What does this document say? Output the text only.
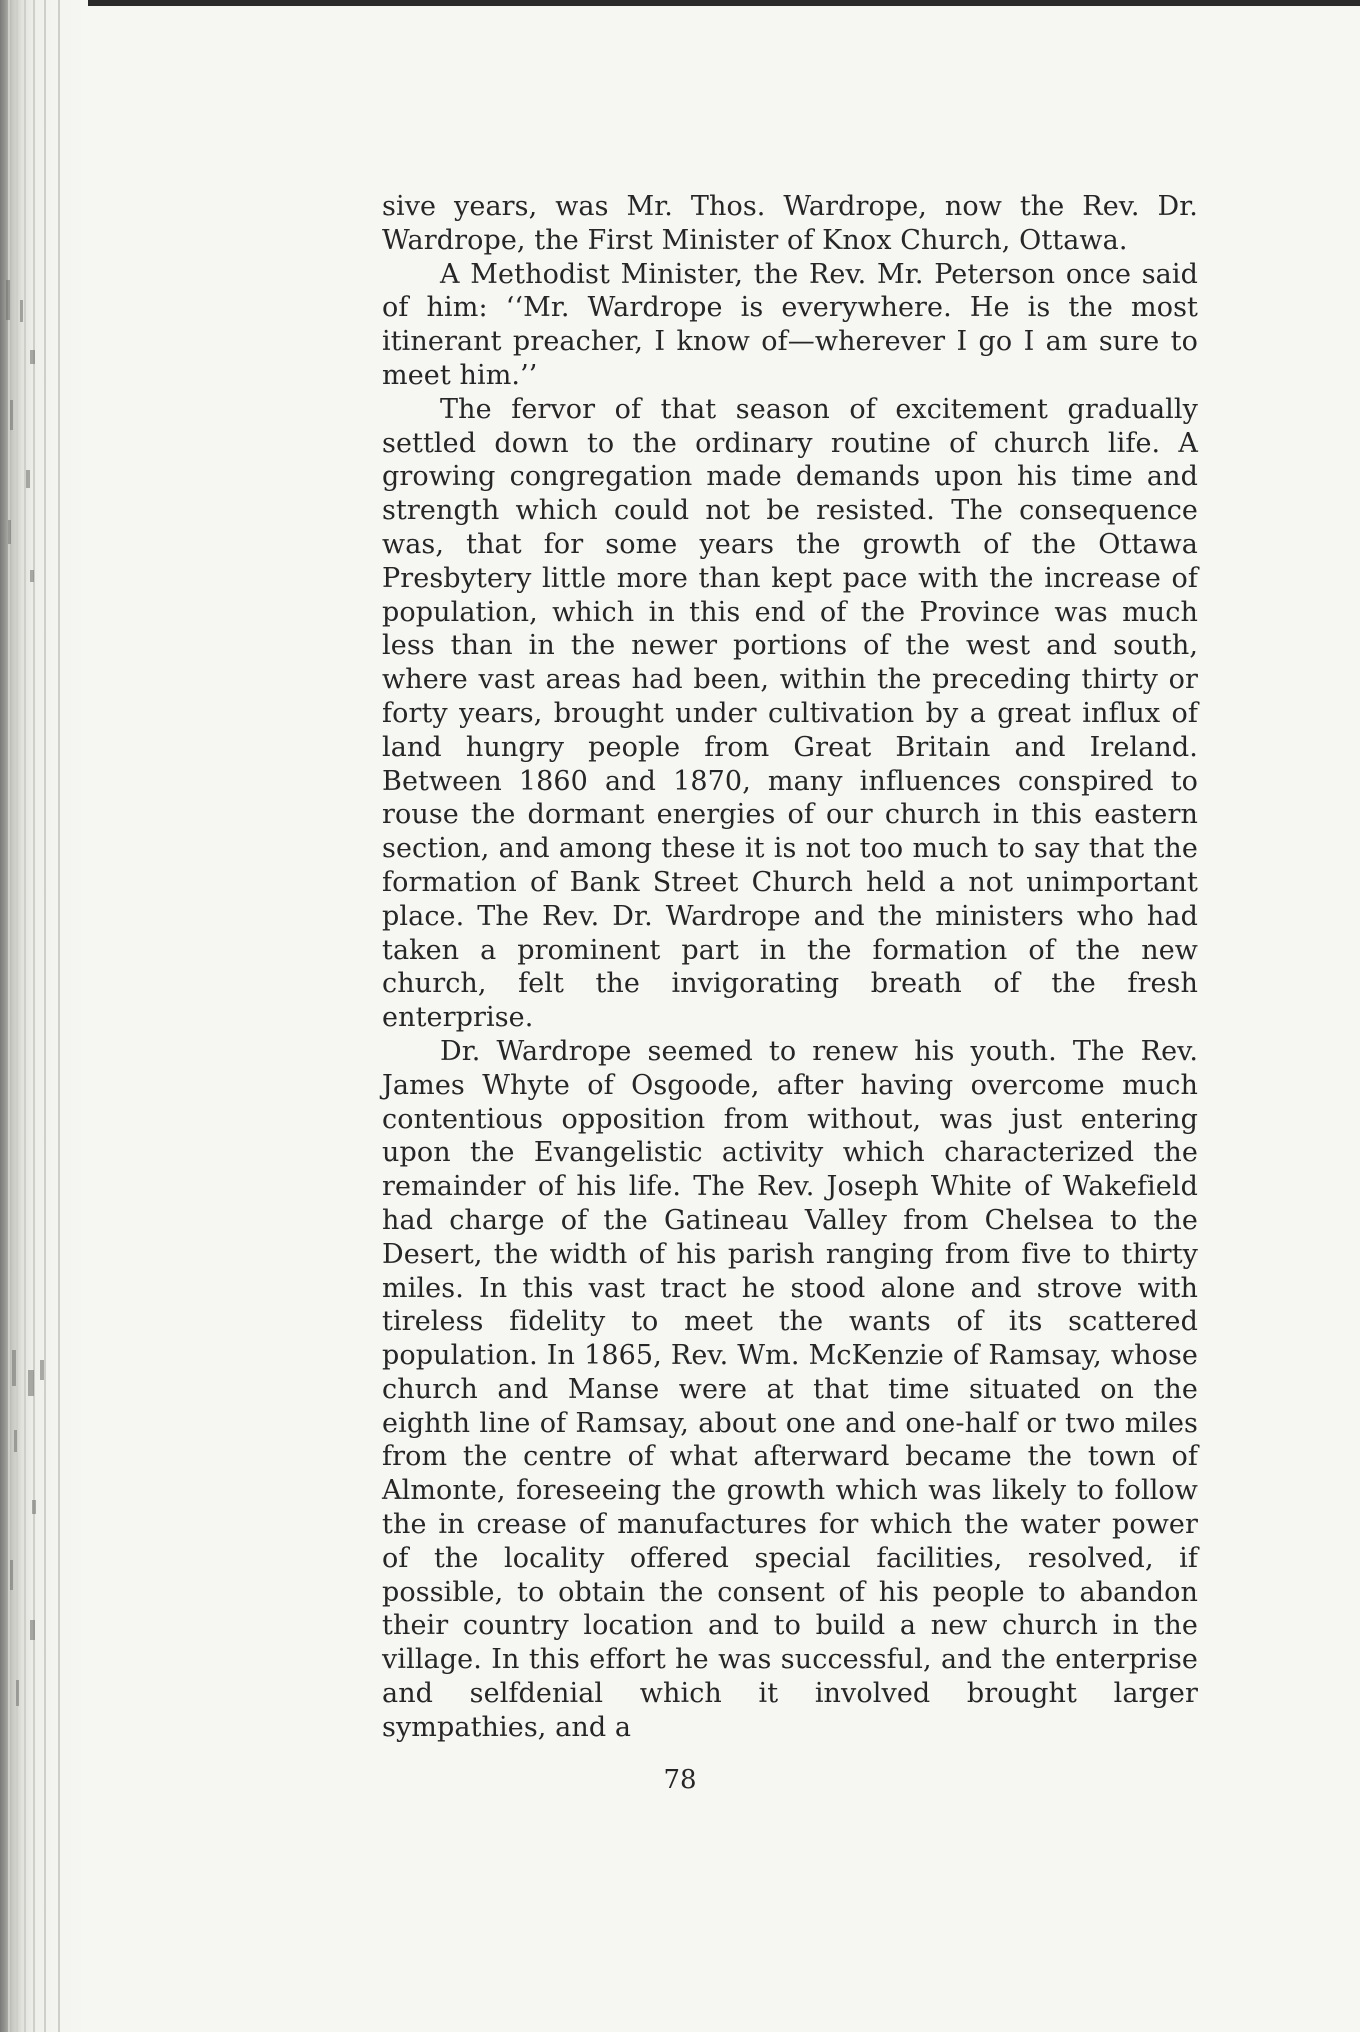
sive years, was Mr. Thos. Wardrope, now the Rev. Dr. Wardrope, the First Minister of Knox Church, Ottawa.

A Methodist Minister, the Rev. Mr. Peterson once said of him: ‘‘Mr. Wardrope is everywhere. He is the most itinerant preacher, I know of—wherever I go I am sure to meet him.’’

The fervor of that season of excitement gradually settled down to the ordinary routine of church life. A growing congregation made demands upon his time and strength which could not be resisted. The consequence was, that for some years the growth of the Ottawa Presbytery little more than kept pace with the increase of population, which in this end of the Province was much less than in the newer portions of the west and south, where vast areas had been, within the preceding thirty or forty years, brought under cultivation by a great influx of land hungry people from Great Britain and Ireland. Between 1860 and 1870, many influences conspired to rouse the dormant energies of our church in this eastern section, and among these it is not too much to say that the formation of Bank Street Church held a not unimportant place. The Rev. Dr. Wardrope and the ministers who had taken a prominent part in the formation of the new church, felt the invigorating breath of the fresh enterprise.

Dr. Wardrope seemed to renew his youth. The Rev. James Whyte of Osgoode, after having overcome much contentious opposition from without, was just entering upon the Evangelistic activity which characterized the remainder of his life. The Rev. Joseph White of Wakefield had charge of the Gatineau Valley from Chelsea to the Desert, the width of his parish ranging from five to thirty miles. In this vast tract he stood alone and strove with tireless fidelity to meet the wants of its scattered population. In 1865, Rev. Wm. McKenzie of Ramsay, whose church and Manse were at that time situated on the eighth line of Ramsay, about one and one-half or two miles from the centre of what afterward became the town of Almonte, foreseeing the growth which was likely to follow the in crease of manufactures for which the water power of the locality offered special facilities, resolved, if possible, to obtain the consent of his people to abandon their country location and to build a new church in the village. In this effort he was successful, and the enterprise and selfdenial which it involved brought larger sympathies, and a

78
